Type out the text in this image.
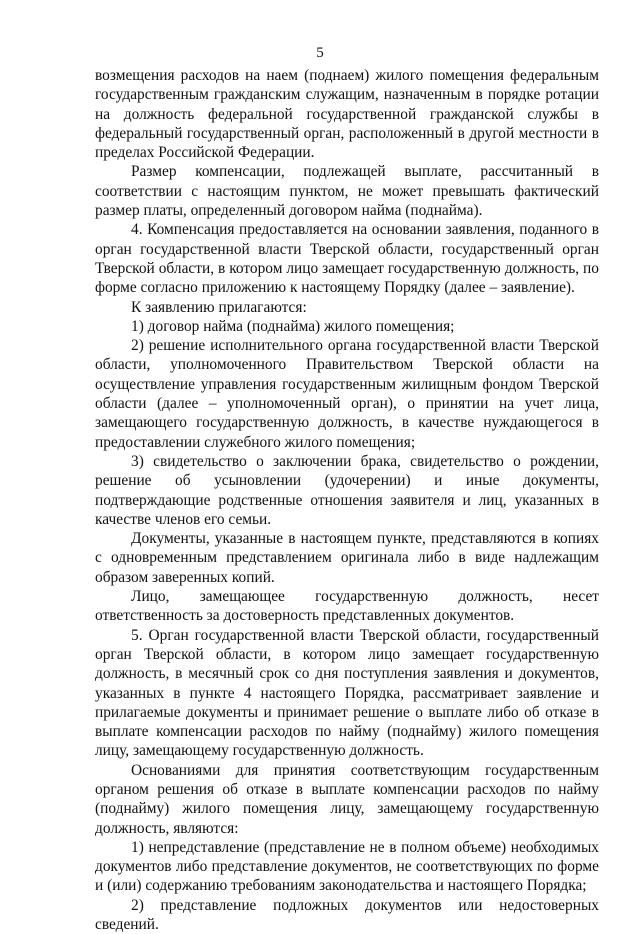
5

возмещения расходов на наем (поднаем) жилого помещения федеральным государственным гражданским служащим, назначенным в порядке ротации на должность федеральной государственной гражданской службы в федеральный государственный орган, расположенный в другой местности в пределах Российской Федерации.

Размер компенсации, подлежащей выплате, рассчитанный в соответствии с настоящим пунктом, не может превышать фактический размер платы, определенный договором найма (поднайма).

4. Компенсация предоставляется на основании заявления, поданного в орган государственной власти Тверской области, государственный орган Тверской области, в котором лицо замещает государственную должность, по форме согласно приложению к настоящему Порядку (далее – заявление).

К заявлению прилагаются:

1) договор найма (поднайма) жилого помещения;

2) решение исполнительного органа государственной власти Тверской области, уполномоченного Правительством Тверской области на осуществление управления государственным жилищным фондом Тверской области (далее – уполномоченный орган), о принятии на учет лица, замещающего государственную должность, в качестве нуждающегося в предоставлении служебного жилого помещения;

3) свидетельство о заключении брака, свидетельство о рождении, решение об усыновлении (удочерении) и иные документы, подтверждающие родственные отношения заявителя и лиц, указанных в качестве членов его семьи.

Документы, указанные в настоящем пункте, представляются в копиях с одновременным представлением оригинала либо в виде надлежащим образом заверенных копий.

Лицо, замещающее государственную должность, несет ответственность за достоверность представленных документов.

5. Орган государственной власти Тверской области, государственный орган Тверской области, в котором лицо замещает государственную должность, в месячный срок со дня поступления заявления и документов, указанных в пункте 4 настоящего Порядка, рассматривает заявление и прилагаемые документы и принимает решение о выплате либо об отказе в выплате компенсации расходов по найму (поднайму) жилого помещения лицу, замещающему государственную должность.

Основаниями для принятия соответствующим государственным органом решения об отказе в выплате компенсации расходов по найму (поднайму) жилого помещения лицу, замещающему государственную должность, являются:

1) непредставление (представление не в полном объеме) необходимых документов либо представление документов, не соответствующих по форме и (или) содержанию требованиям законодательства и настоящего Порядка;

2) представление подложных документов или недостоверных сведений.
